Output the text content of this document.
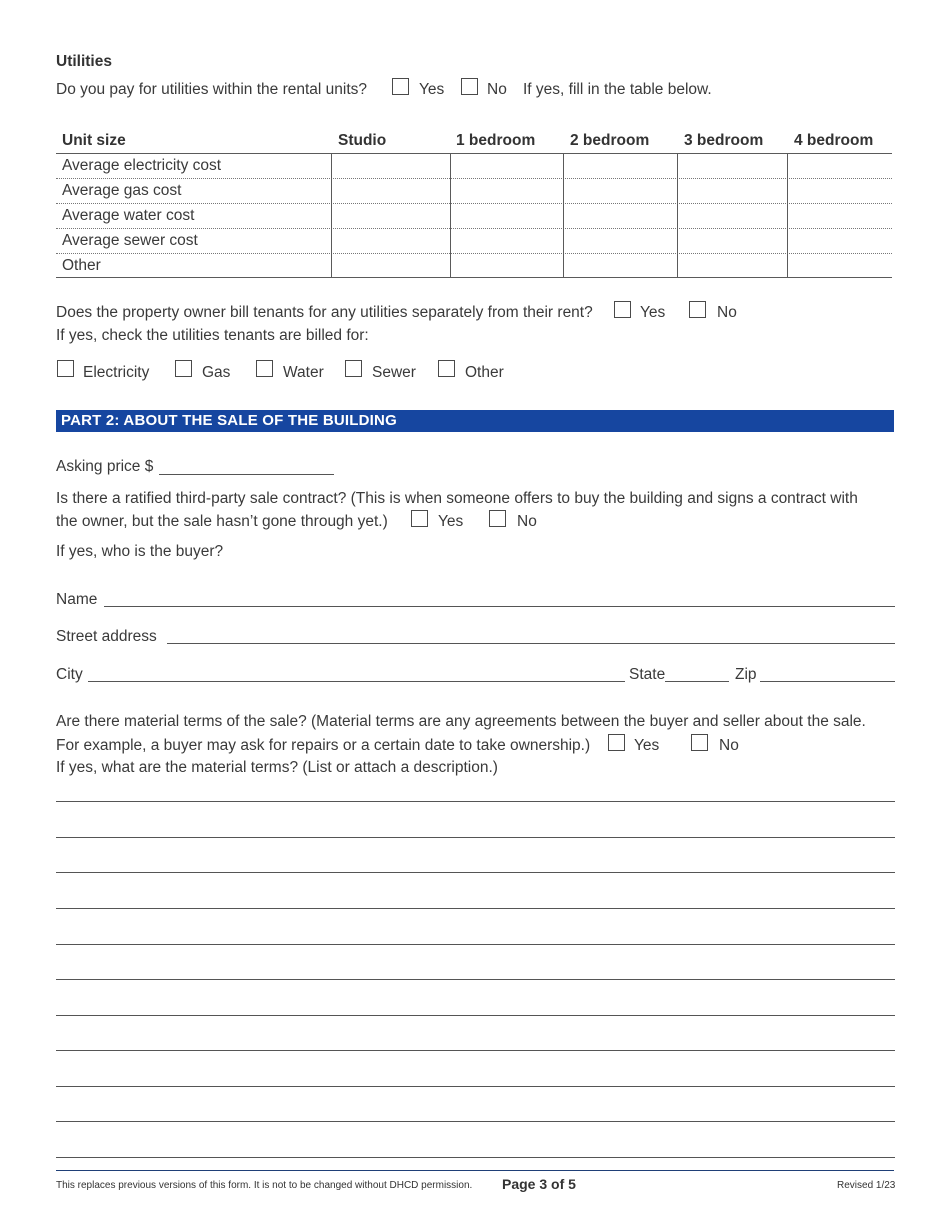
Utilities
Do you pay for utilities within the rental units?	Yes	No If yes, fill in the table below.
Unit size	Studio	1 bedroom 2 bedroom 3 bedroom 4 bedroom
Average electricity cost
Average gas cost
Average water cost
Average sewer cost
Other
Does the property owner bill tenants for any utilities separately from their rent?	Yes	No
If yes, check the utilities tenants are billed for:
Electricity	Gas	Water	Sewer	Other
PART 2: ABOUT THE SALE OF THE BUILDING
Asking price $
Is there a ratified third-party sale contract? (This is when someone offers to buy the building and signs a contract with
the owner, but the sale hasn’t gone through yet.)	Yes	No
If yes, who is the buyer?
Name
Street address
City	State	Zip
Are there material terms of the sale? (Material terms are any agreements between the buyer and seller about the sale.
For example, a buyer may ask for repairs or a certain date to take ownership.)	Yes	No
If yes, what are the material terms? (List or attach a description.)
This replaces previous versions of this form. It is not to be changed without DHCD permission. Page 3 of 5	Revised 1/23
